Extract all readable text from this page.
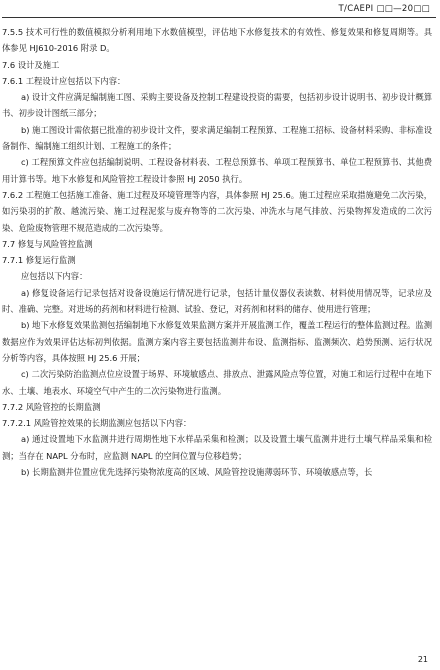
T/CAEPI □□—20□□

7.5.5 技术可行性的数值模拟分析利用地下水数值模型，评估地下水修复技术的有效性、修复效果和修复周期等。具体参见 HJ610-2016 附录 D。

7.6 设计及施工

7.6.1 工程设计应包括以下内容：

a) 设计文件应满足编制施工图、采购主要设备及控制工程建设投资的需要，包括初步设计说明书、初步设计概算书、初步设计图纸三部分；

b) 施工图设计需依据已批准的初步设计文件，要求满足编制工程预算、工程施工招标、设备材料采购、非标准设备制作、编制施工组织计划、工程施工的条件；

c) 工程预算文件应包括编制说明、工程设备材料表、工程总预算书、单项工程预算书、单位工程预算书、其他费用计算书等。地下水修复和风险管控工程设计参照 HJ 2050 执行。

7.6.2 工程施工包括施工准备、施工过程及环境管理等内容，具体参照 HJ 25.6。施工过程应采取措施避免二次污染，如污染羽的扩散、越流污染、施工过程泥浆与废弃物等的二次污染、冲洗水与尾气排放、污染物挥发造成的二次污染、危险废物管理不规范造成的二次污染等。

7.7 修复与风险管控监测

7.7.1 修复运行监测

应包括以下内容：

a) 修复设备运行记录包括对设备设施运行情况进行记录，包括计量仪器仪表读数、材料使用情况等，记录应及时、准确、完整。对进场的药剂和材料进行检测、试验、登记，对药剂和材料的储存、使用进行管理；

b) 地下水修复效果监测包括编制地下水修复效果监测方案并开展监测工作，覆盖工程运行的整体监测过程。监测数据应作为效果评估达标初判依据。监测方案内容主要包括监测井布设、监测指标、监测频次、趋势预测、运行状况分析等内容，具体按照 HJ 25.6 开展；

c) 二次污染防治监测点位应设置于场界、环境敏感点、排放点、泄露风险点等位置，对施工和运行过程中在地下水、土壤、地表水、环境空气中产生的二次污染物进行监测。

7.7.2 风险管控的长期监测

7.7.2.1 风险管控效果的长期监测应包括以下内容：

a) 通过设置地下水监测井进行周期性地下水样品采集和检测；以及设置土壤气监测井进行土壤气样品采集和检测；当存在 NAPL 分布时，应监测 NAPL 的空间位置与位移趋势；

b) 长期监测井位置应优先选择污染物浓度高的区域、风险管控设施薄弱环节、环境敏感点等，长

21
